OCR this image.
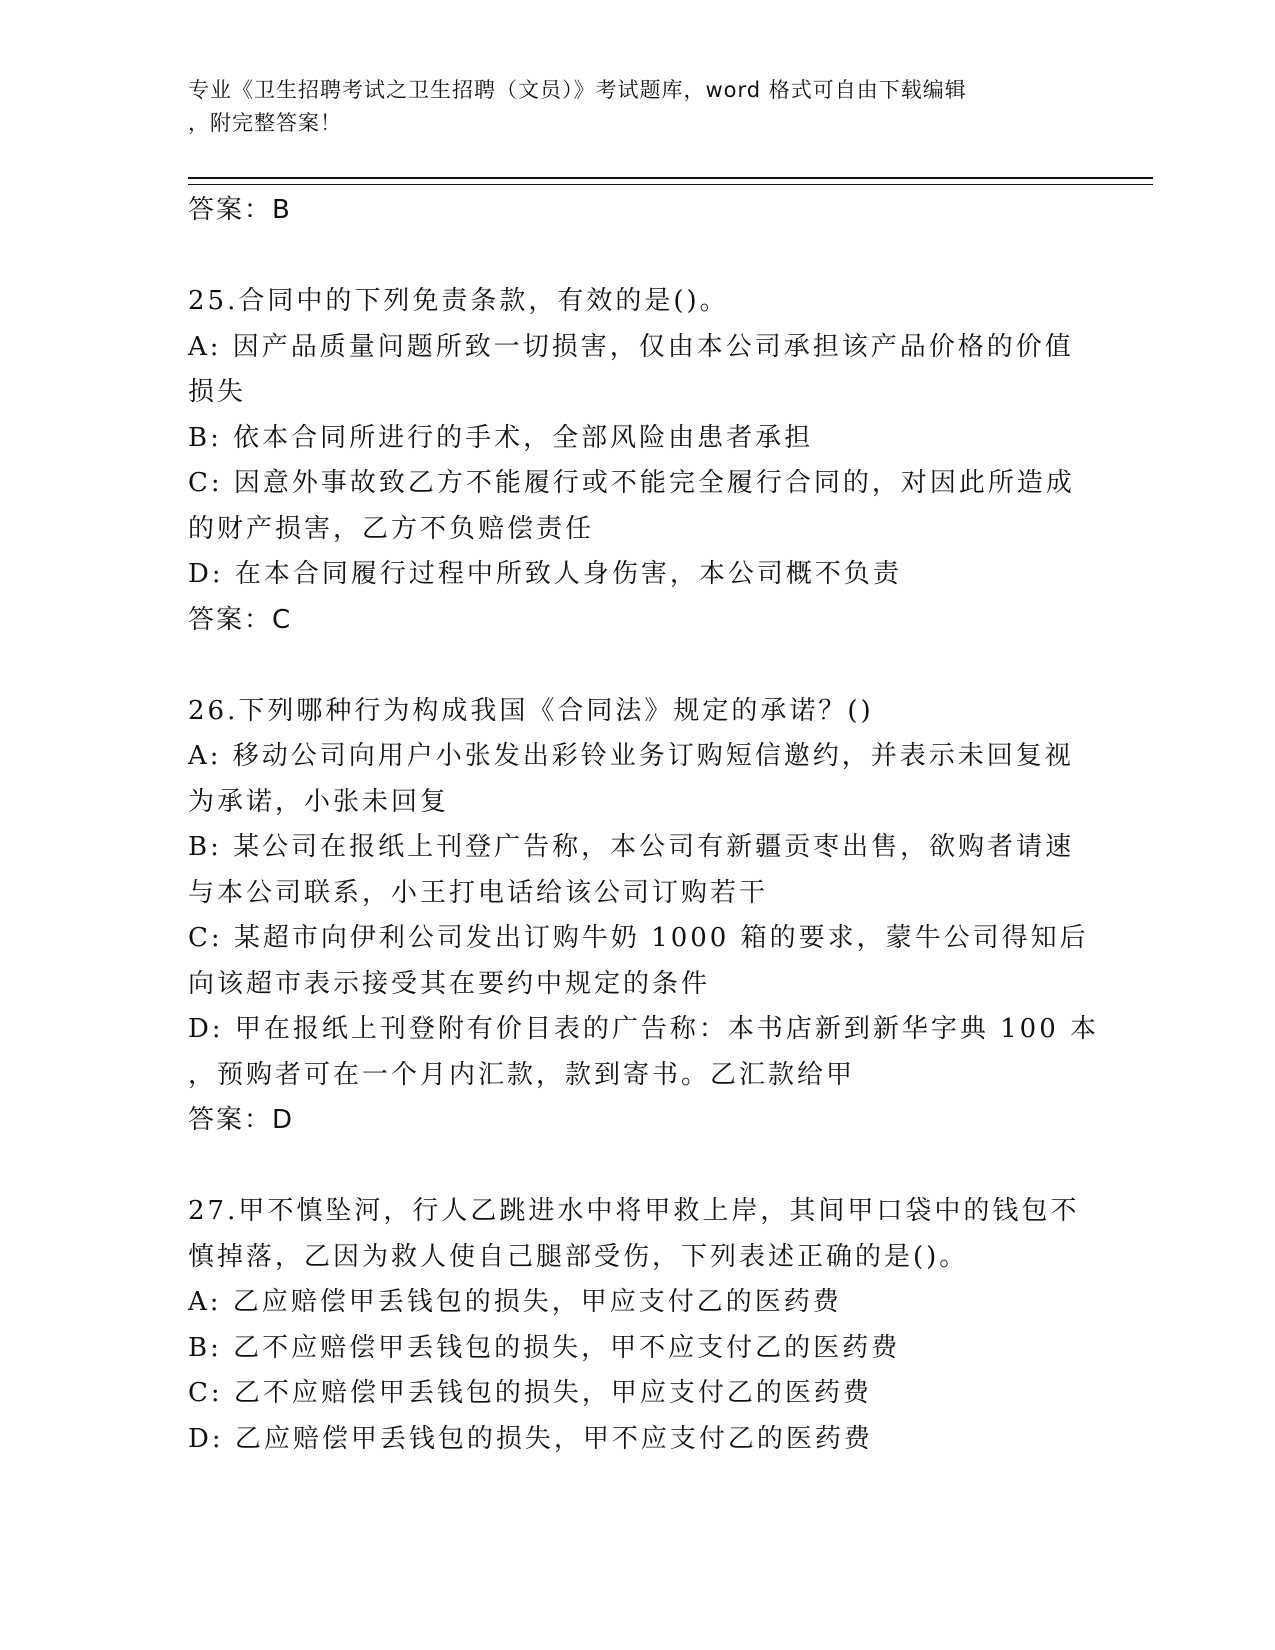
专业《卫生招聘考试之卫生招聘（文员）》考试题库，word 格式可自由下载编辑
，附完整答案！
答案：B
25.合同中的下列免责条款，有效的是()。
A: 因产品质量问题所致一切损害，仅由本公司承担该产品价格的价值
损失
B: 依本合同所进行的手术，全部风险由患者承担
C: 因意外事故致乙方不能履行或不能完全履行合同的，对因此所造成
的财产损害，乙方不负赔偿责任
D: 在本合同履行过程中所致人身伤害，本公司概不负责
答案：C
26.下列哪种行为构成我国《合同法》规定的承诺？()
A: 移动公司向用户小张发出彩铃业务订购短信邀约，并表示未回复视
为承诺，小张未回复
B: 某公司在报纸上刊登广告称，本公司有新疆贡枣出售，欲购者请速
与本公司联系，小王打电话给该公司订购若干
C: 某超市向伊利公司发出订购牛奶 1000 箱的要求，蒙牛公司得知后
向该超市表示接受其在要约中规定的条件
D: 甲在报纸上刊登附有价目表的广告称：本书店新到新华字典 100 本
，预购者可在一个月内汇款，款到寄书。乙汇款给甲
答案：D
27.甲不慎坠河，行人乙跳进水中将甲救上岸，其间甲口袋中的钱包不
慎掉落，乙因为救人使自己腿部受伤，下列表述正确的是()。
A: 乙应赔偿甲丢钱包的损失，甲应支付乙的医药费
B: 乙不应赔偿甲丢钱包的损失，甲不应支付乙的医药费
C: 乙不应赔偿甲丢钱包的损失，甲应支付乙的医药费
D: 乙应赔偿甲丢钱包的损失，甲不应支付乙的医药费
